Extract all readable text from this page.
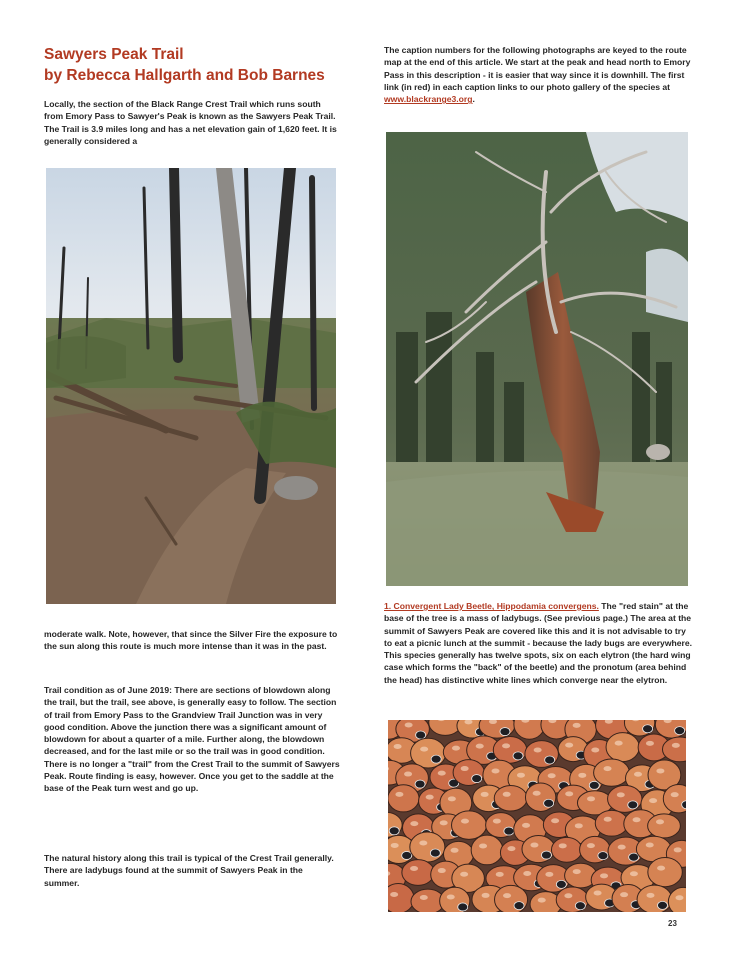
Sawyers Peak Trail
by Rebecca Hallgarth and Bob Barnes
Locally, the section of the Black Range Crest Trail which runs south from Emory Pass to Sawyer's Peak is known as the Sawyers Peak Trail. The Trail is 3.9 miles long and has a net elevation gain of 1,620 feet. It is generally considered a
moderate walk. Note, however, that since the Silver Fire the exposure to the sun along this route is much more intense than it was in the past.
Trail condition as of June 2019: There are sections of blowdown along the trail, but the trail, see above, is generally easy to follow. The section of trail from Emory Pass to the Grandview Trail Junction was in very good condition. Above the junction there was a significant amount of blowdown for about a quarter of a mile. Further along, the blowdown decreased, and for the last mile or so the trail was in good condition. There is no longer a "trail" from the Crest Trail to the summit of Sawyers Peak. Route finding is easy, however. Once you get to the saddle at the base of the Peak turn west and go up.
The natural history along this trail is typical of the Crest Trail generally. There are ladybugs found at the summit of Sawyers Peak in the summer.
The caption numbers for the following photographs are keyed to the route map at the end of this article. We start at the peak and head north to Emory Pass in this description - it is easier that way since it is downhill. The first link (in red) in each caption links to our photo gallery of the species at www.blackrange3.org.
1. Convergent Lady Beetle, Hippodamia convergens. The "red stain" at the base of the tree is a mass of ladybugs. (See previous page.) The area at the summit of Sawyers Peak are covered like this and it is not advisable to try to eat a picnic lunch at the summit - because the lady bugs are everywhere. This species generally has twelve spots, six on each elytron (the hard wing case which forms the "back" of the beetle) and the pronotum (area behind the head) has distinctive white lines which converge near the elytron.
23
